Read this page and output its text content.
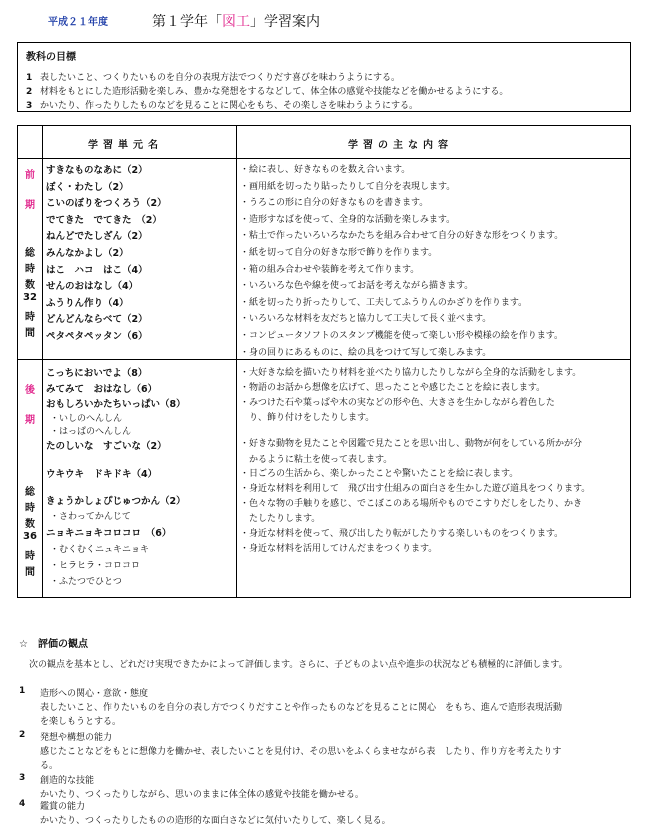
平成２１年度	第１学年「図工」学習案内
教科の目標
1 表したいこと、つくりたいものを自分の表現方法でつくりだす喜びを味わうようにする。
2 材料をもとにした造形活動を楽しみ、豊かな発想をするなどして、体全体の感覚や技能などを働かせるようにする。
3 かいたり、作ったりしたものなどを見ることに関心をもち、その楽しさを味わうようにする。
学習単元名	学習の主な内容
前
期
総
時
数
32
時
間
すきなものなあに（2）
ぼく・わたし（2）
こいのぼりをつくろう（2）
でてきた　でてきた　（2）
ねんどでたしざん（2）
みんなかよし（2）
はこ　ハコ　はこ（4）
せんのおはなし（4）
ふうりん作り（4）
どんどんならべて（2）
ペタペタペッタン（6）
・絵に表し、好きなものを数え合います。
・画用紙を切ったり貼ったりして自分を表現します。
・うろこの形に自分の好きなものを書きます。
・造形すなばを使って、全身的な活動を楽しみます。
・粘土で作ったいろいろなかたちを組み合わせて自分の好きな形をつくります。
・紙を切って自分の好きな形で飾りを作ります。
・箱の組み合わせや装飾を考えて作ります。
・いろいろな色や線を使ってお話を考えながら描きます。
・紙を切ったり折ったりして、工夫してふうりんのかざりを作ります。
・いろいろな材料を友だちと協力して工夫して長く並べます。
・コンピュータソフトのスタンプ機能を使って楽しい形や模様の絵を作ります。
・身の回りにあるものに、絵の具をつけて写して楽しみます。
後
期
総
時
数
36
時
間
こっちにおいでよ（8）
みてみて　おはなし（6）
おもしろいかたちいっぱい（8）
・いしのへんしん
・はっぱのへんしん
たのしいな　すごいな（2）
ウキウキ　ドキドキ（4）
きょうかしょぴじゅつかん（2）
・さわってかんじて
ニョキニョキコロコロ　（6）
・むくむくニュキニョキ
・ヒラヒラ・コロコロ
・ふたつでひとつ
・大好きな絵を描いたり材料を並べたり協力したりしながら全身的な活動をします。
・物語のお話から想像を広げて、思ったことや感じたことを絵に表します。
・みつけた石や葉っぱや木の実などの形や色、大きさを生かしながら着色した
　り、飾り付けをしたりします。
・好きな動物を見たことや図鑑で見たことを思い出し、動物が何をしている所かが分
　かるように粘土を使って表します。
・日ごろの生活から、楽しかったことや驚いたことを絵に表します。
・身近な材料を利用して　飛び出す仕組みの面白さを生かした遊び道具をつくります。
・色々な物の手触りを感じ、でこぼこのある場所やものでこすりだしをしたり、かき
　たしたりします。
・身近な材料を使って、飛び出したり転がしたりする楽しいものをつくります。
・身近な材料を活用してけんだまをつくります。
☆　評価の観点
次の観点を基本とし、どれだけ実現できたかによって評価します。さらに、子どものよい点や進歩の状況なども積極的に評価します。
1 造形への関心・意欲・態度
表したいこと、作りたいものを自分の表し方でつくりだすことや作ったものなどを見ることに関心　をもち、進んで造形表現活動
を楽しもうとする。
2 発想や構想の能力
感じたことなどをもとに想像力を働かせ、表したいことを見付け、その思いをふくらませながら表　したり、作り方を考えたりす
る。
3 創造的な技能
かいたり、つくったりしながら、思いのままに体全体の感覚や技能を働かせる。
4 鑑賞の能力
かいたり、つくったりしたものの造形的な面白さなどに気付いたりして、楽しく見る。
